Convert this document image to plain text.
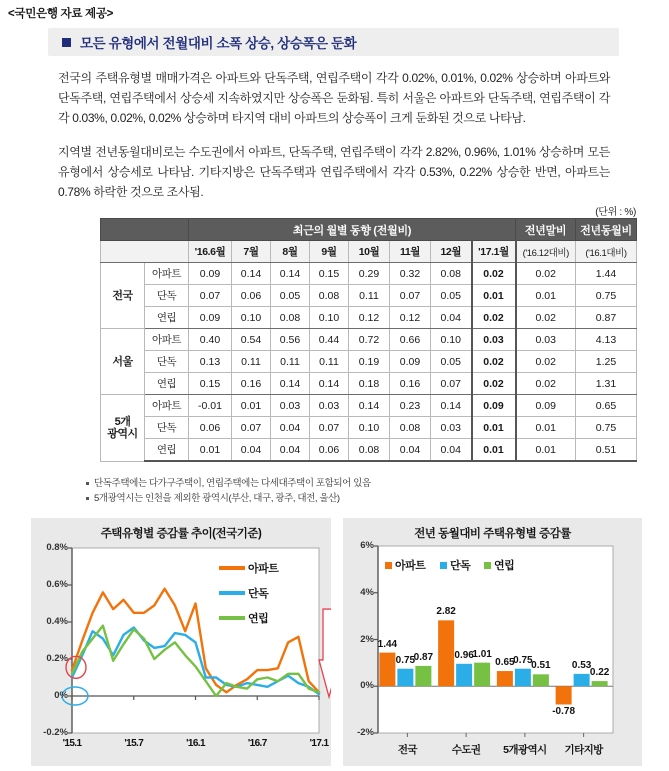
<국민은행 자료 제공>
모든 유형에서 전월대비 소폭 상승, 상승폭은 둔화

전국의 주택유형별 매매가격은 아파트와 단독주택, 연립주택이 각각 0.02%, 0.01%, 0.02% 상승하며 아파트와 단독주택, 연립주택에서 상승세 지속하였지만 상승폭은 둔화됨. 특히 서울은 아파트와 단독주택, 연립주택이 각각 0.03%, 0.02%, 0.02% 상승하며 타지역 대비 아파트의 상승폭이 크게 둔화된 것으로 나타남.

지역별 전년동월대비로는 수도권에서 아파트, 단독주택, 연립주택이 각각 2.82%, 0.96%, 1.01% 상승하며 모든 유형에서 상승세로 나타남. 기타지방은 단독주택과 연립주택에서 각각 0.53%, 0.22% 상승한 반면, 아파트는 0.78% 하락한 것으로 조사됨.

(단위 : %)
		최근의 월별 동향 (전월비)								전년말비	전년동월비
		'16.6월	7월	8월	9월	10월	11월	12월	'17.1월	('16.12대비)	('16.1대비)
전국	아파트	0.09	0.14	0.14	0.15	0.29	0.32	0.08	0.02	0.02	1.44
	단독	0.07	0.06	0.05	0.08	0.11	0.07	0.05	0.01	0.01	0.75
	연립	0.09	0.10	0.08	0.10	0.12	0.12	0.04	0.02	0.02	0.87
서울	아파트	0.40	0.54	0.56	0.44	0.72	0.66	0.10	0.03	0.03	4.13
	단독	0.13	0.11	0.11	0.11	0.19	0.09	0.05	0.02	0.02	1.25
	연립	0.15	0.16	0.14	0.14	0.18	0.16	0.07	0.02	0.02	1.31
5개
광역시	아파트	-0.01	0.01	0.03	0.03	0.14	0.23	0.14	0.09	0.09	0.65
	단독	0.06	0.07	0.04	0.07	0.10	0.08	0.03	0.01	0.01	0.75
	연립	0.01	0.04	0.04	0.06	0.08	0.04	0.04	0.01	0.01	0.51
단독주택에는 다가구주택이, 연립주택에는 다세대주택이 포함되어 있음
5개광역시는 인천을 제외한 광역시(부산, 대구, 광주, 대전, 울산)
주택유형별 증감률 추이(전국기준)
-0.2%
0%
0.2%
0.4%
0.6%
0.8%
'15.1	'15.7	'16.1	'16.7	'17.1
아파트
단독
연립
전년 동월대비 주택유형별 증감률
-2%
0%
2%
4%
6%
1.44
0.75
0.87
전국
2.82
0.96
1.01
수도권
0.65
0.75
0.51
5개광역시
-0.78
0.53
0.22
기타지방
아파트 단독 연립
